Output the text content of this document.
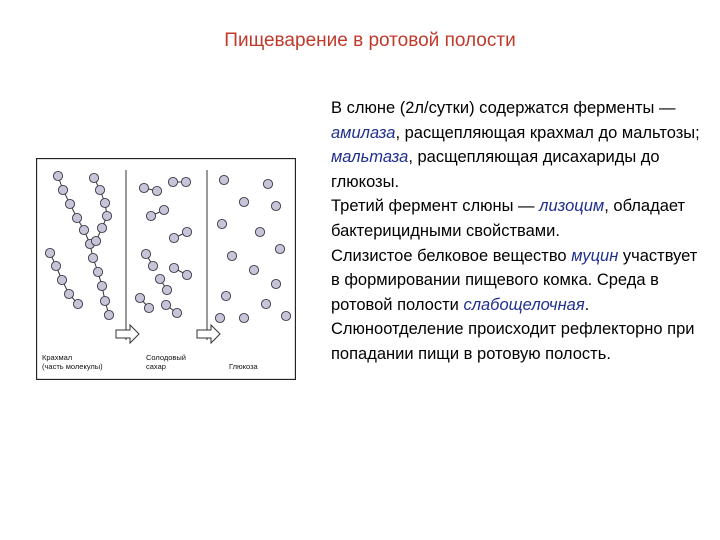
Пищеварение в ротовой полости
Крахмал
(часть молекулы)
Солодовый
сахар	Глюкоза
В слюне (2л/сутки) содержатся ферменты — амилаза, расщепляющая крахмал до мальтозы; мальтаза, расщепляющая дисахариды до глюкозы.
Третий фермент слюны — лизоцим, обладает бактерицидными свойствами.
Слизистое белковое вещество муцин участвует в формировании пищевого комка. Среда в ротовой полости слабощелочная.
Слюноотделение происходит рефлекторно при попадании пищи в ротовую полость.
